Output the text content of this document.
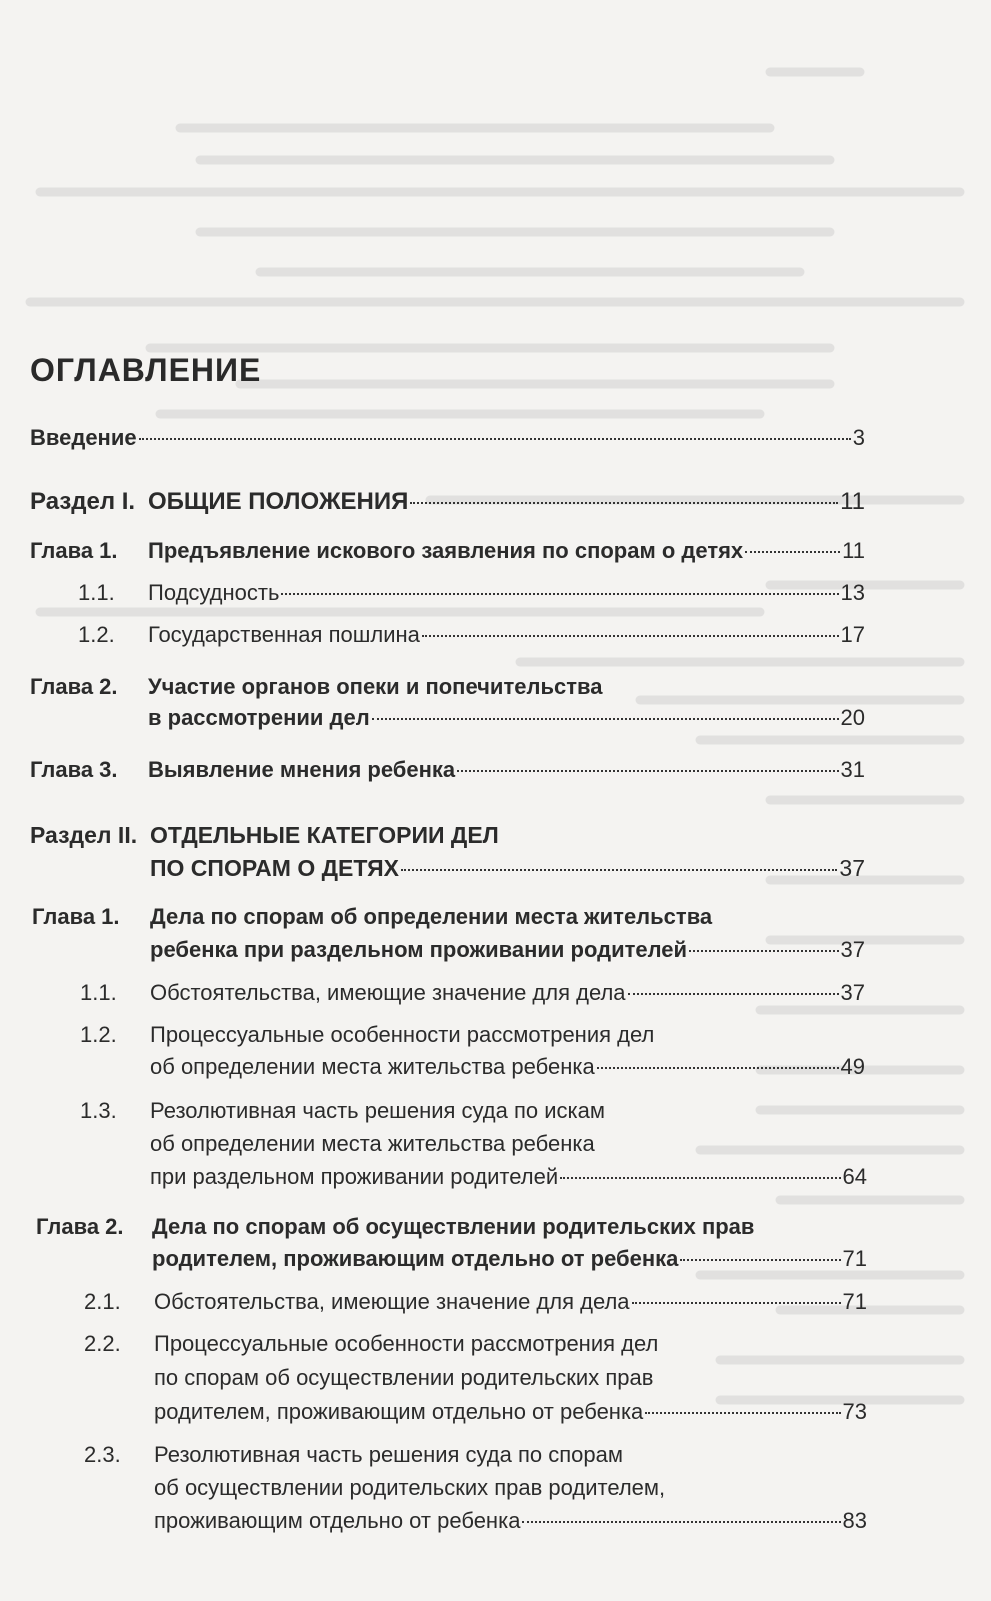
ОГЛАВЛЕНИЕ
Введение	3
Раздел I. ОБЩИЕ ПОЛОЖЕНИЯ	11
Глава 1.	Предъявление искового заявления по спорам о детях	11
1.1.	Подсудность	13
1.2.	Государственная пошлина	17
Глава 2. Участие органов опеки и попечительства
в рассмотрении дел	20
Глава 3.	Выявление мнения ребенка	31
Раздел II. ОТДЕЛЬНЫЕ КАТЕГОРИИ ДЕЛ
ПО СПОРАМ О ДЕТЯХ	37
Глава 1. Дела по спорам об определении места жительства
ребенка при раздельном проживании родителей	37
1.1.	Обстоятельства, имеющие значение для дела	37
1.2. Процессуальные особенности рассмотрения дел
об определении места жительства ребенка	49
1.3. Резолютивная часть решения суда по искам
об определении места жительства ребенка
при раздельном проживании родителей	64
Глава 2. Дела по спорам об осуществлении родительских прав
родителем, проживающим отдельно от ребенка	71
2.1.	Обстоятельства, имеющие значение для дела	71
2.2. Процессуальные особенности рассмотрения дел
по спорам об осуществлении родительских прав
родителем, проживающим отдельно от ребенка	73
2.3. Резолютивная часть решения суда по спорам
об осуществлении родительских прав родителем,
проживающим отдельно от ребенка	83
